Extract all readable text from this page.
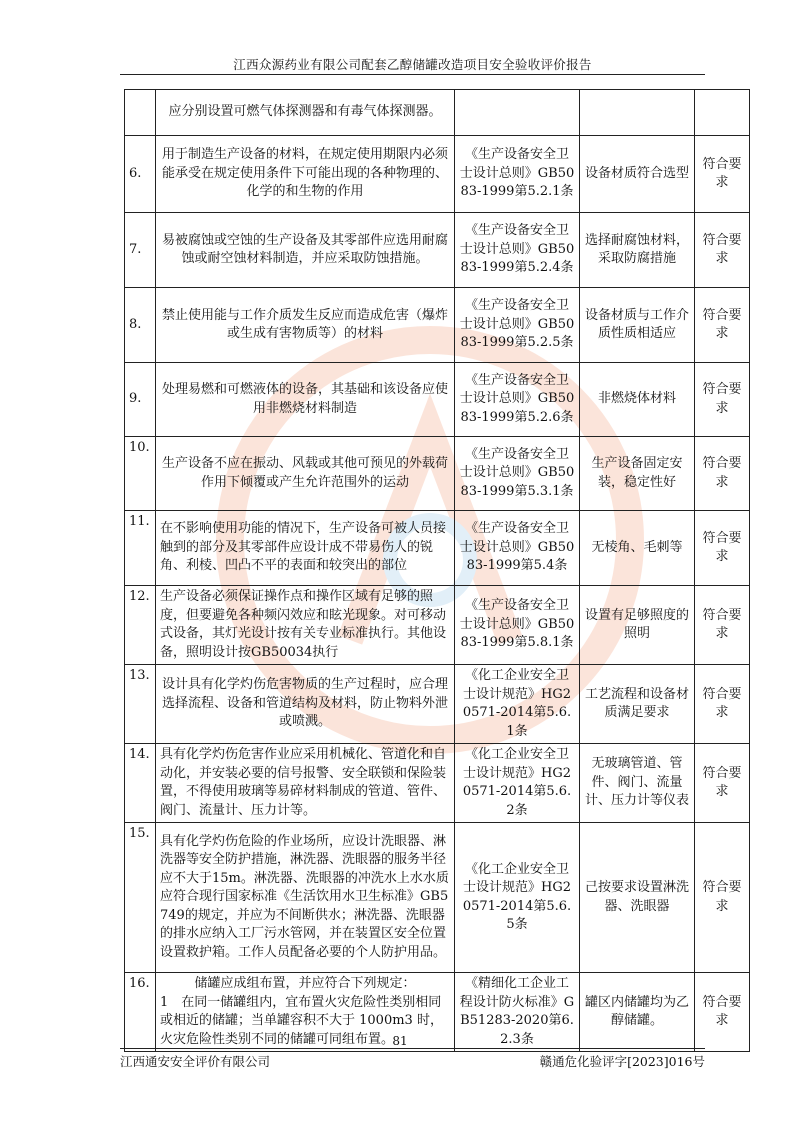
江西众源药业有限公司配套乙醇储罐改造项目安全验收评价报告
	应分别设置可燃气体探测器和有毒气体探测器。			
6.	用于制造生产设备的材料，在规定使用期限内必须能承受在规定使用条件下可能出现的各种物理的、化学的和生物的作用	《生产设备安全卫士设计总则》GB5083-1999第5.2.1条	设备材质符合选型	符合要求
7.	易被腐蚀或空蚀的生产设备及其零部件应选用耐腐蚀或耐空蚀材料制造，并应采取防蚀措施。	《生产设备安全卫士设计总则》GB5083-1999第5.2.4条	选择耐腐蚀材料，采取防腐措施	符合要求
8.	禁止使用能与工作介质发生反应而造成危害（爆炸或生成有害物质等）的材料	《生产设备安全卫士设计总则》GB5083-1999第5.2.5条	设备材质与工作介质性质相适应	符合要求
9.	处理易燃和可燃液体的设备，其基础和该设备应使用非燃烧材料制造	《生产设备安全卫士设计总则》GB5083-1999第5.2.6条	非燃烧体材料	符合要求
10.	生产设备不应在振动、风载或其他可预见的外载荷作用下倾覆或产生允许范围外的运动	《生产设备安全卫士设计总则》GB5083-1999第5.3.1条	生产设备固定安装，稳定性好	符合要求
11.	在不影响使用功能的情况下，生产设备可被人员接触到的部分及其零部件应设计成不带易伤人的锐角、利棱、凹凸不平的表面和较突出的部位	《生产设备安全卫士设计总则》GB5083-1999第5.4条	无棱角、毛刺等	符合要求
12.	生产设备必须保证操作点和操作区域有足够的照度，但要避免各种频闪效应和眩光现象。对可移动式设备，其灯光设计按有关专业标准执行。其他设备，照明设计按GB50034执行	《生产设备安全卫士设计总则》GB5083-1999第5.8.1条	设置有足够照度的照明	符合要求
13.	设计具有化学灼伤危害物质的生产过程时，应合理选择流程、设备和管道结构及材料，防止物料外泄或喷溅。	《化工企业安全卫士设计规范》HG20571-2014第5.6.1条	工艺流程和设备材质满足要求	符合要求
14.	具有化学灼伤危害作业应采用机械化、管道化和自动化，并安装必要的信号报警、安全联锁和保险装置，不得使用玻璃等易碎材料制成的管道、管件、阀门、流量计、压力计等。	《化工企业安全卫士设计规范》HG20571-2014第5.6.2条	无玻璃管道、管件、阀门、流量计、压力计等仪表	符合要求
15.	具有化学灼伤危险的作业场所，应设计洗眼器、淋洗器等安全防护措施，淋洗器、洗眼器的服务半径应不大于15m。淋洗器、洗眼器的冲洗水上水水质应符合现行国家标准《生活饮用水卫生标准》GB5749的规定，并应为不间断供水；淋洗器、洗眼器的排水应纳入工厂污水管网，并在装置区安全位置设置救护箱。工作人员配备必要的个人防护用品。	《化工企业安全卫士设计规范》HG20571-2014第5.6.5条	己按要求设置淋洗器、洗眼器	符合要求
16.	储罐应成组布置，并应符合下列规定：
1　在同一储罐组内，宜布置火灾危险性类别相同或相近的储罐；当单罐容积不大于 1000m3 时，火灾危险性类别不同的储罐可同组布置。	《精细化工企业工程设计防火标准》GB51283-2020第6.2.3条	罐区内储罐均为乙醇储罐。	符合要求
81
江西通安安全评价有限公司	赣通危化验评字[2023]016号
